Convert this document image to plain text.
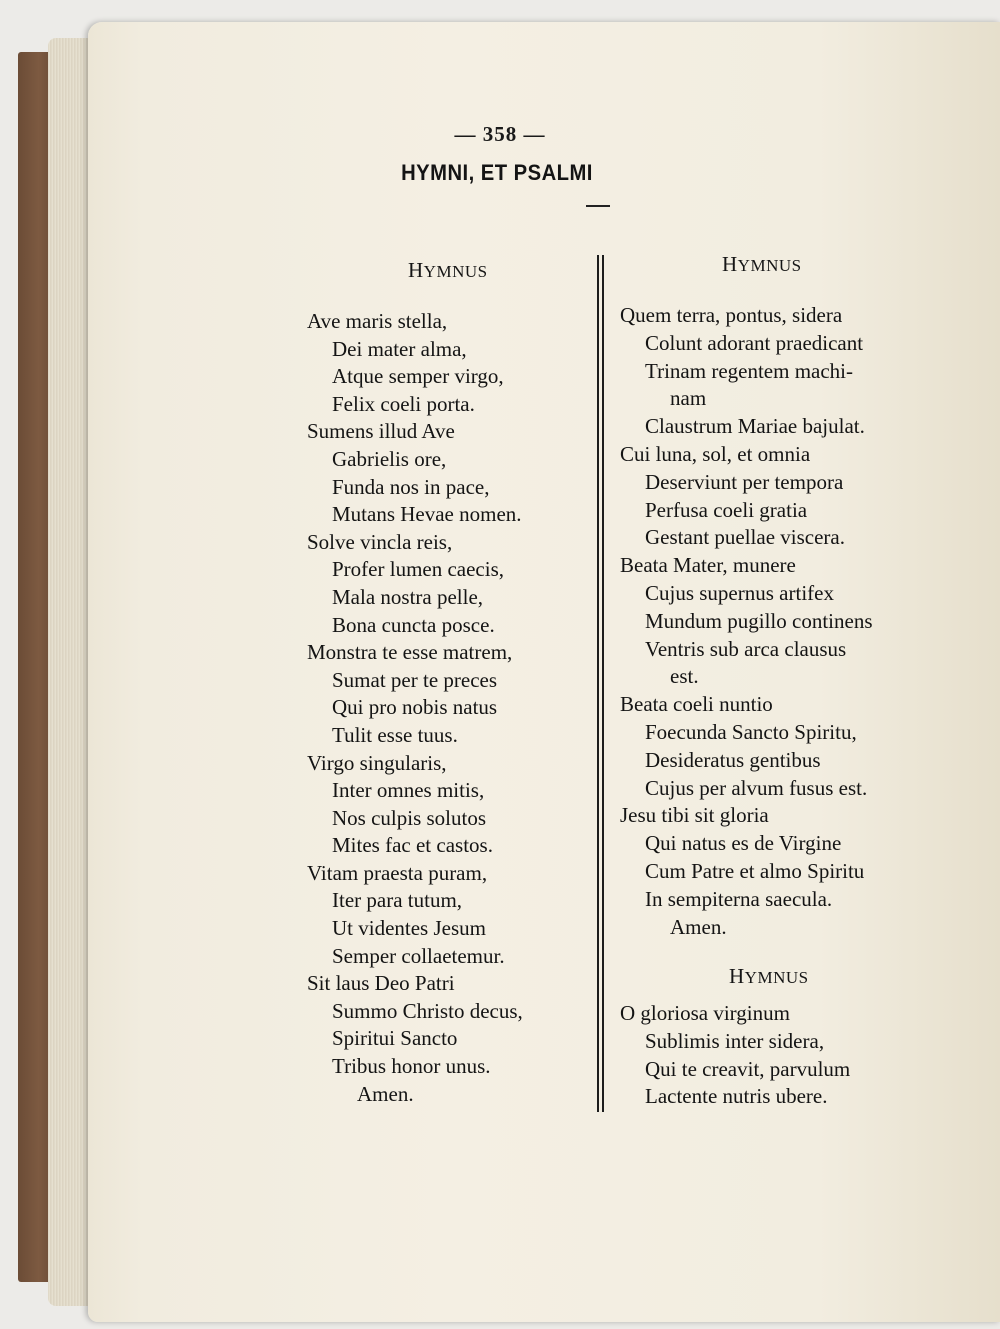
— 358 —
HYMNI, ET PSALMI
HYMNUS
Ave maris stella,
Dei mater alma,
Atque semper virgo,
Felix coeli porta.
Sumens illud Ave
Gabrielis ore,
Funda nos in pace,
Mutans Hevae nomen.
Solve vincla reis,
Profer lumen caecis,
Mala nostra pelle,
Bona cuncta posce.
Monstra te esse matrem,
Sumat per te preces
Qui pro nobis natus
Tulit esse tuus.
Virgo singularis,
Inter omnes mitis,
Nos culpis solutos
Mites fac et castos.
Vitam praesta puram,
Iter para tutum,
Ut videntes Jesum
Semper collaetemur.
Sit laus Deo Patri
Summo Christo decus,
Spiritui Sancto
Tribus honor unus.
Amen.
HYMNUS
Quem terra, pontus, sidera
Colunt adorant praedicant
Trinam regentem machi-
nam
Claustrum Mariae bajulat.
Cui luna, sol, et omnia
Deserviunt per tempora
Perfusa coeli gratia
Gestant puellae viscera.
Beata Mater, munere
Cujus supernus artifex
Mundum pugillo continens
Ventris sub arca clausus
est.
Beata coeli nuntio
Foecunda Sancto Spiritu,
Desideratus gentibus
Cujus per alvum fusus est.
Jesu tibi sit gloria
Qui natus es de Virgine
Cum Patre et almo Spiritu
In sempiterna saecula.
Amen.
HYMNUS
O gloriosa virginum
Sublimis inter sidera,
Qui te creavit, parvulum
Lactente nutris ubere.
